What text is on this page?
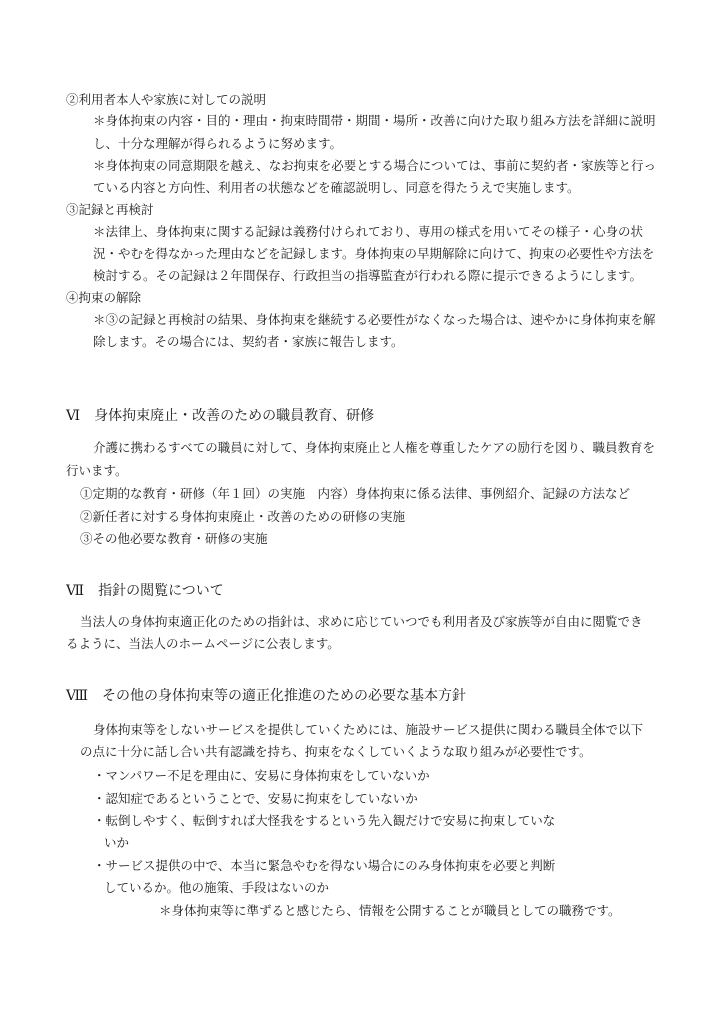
②利用者本人や家族に対しての説明
＊身体拘束の内容・目的・理由・拘束時間帯・期間・場所・改善に向けた取り組み方法を詳細に説明
し、十分な理解が得られるように努めます。
＊身体拘束の同意期限を越え、なお拘束を必要とする場合については、事前に契約者・家族等と行っ
ている内容と方向性、利用者の状態などを確認説明し、同意を得たうえで実施します。
③記録と再検討
＊法律上、身体拘束に関する記録は義務付けられており、専用の様式を用いてその様子・心身の状
況・やむを得なかった理由などを記録します。身体拘束の早期解除に向けて、拘束の必要性や方法を
検討する。その記録は２年間保存、行政担当の指導監査が行われる際に提示できるようにします。
④拘束の解除
＊③の記録と再検討の結果、身体拘束を継続する必要性がなくなった場合は、速やかに身体拘束を解
除します。その場合には、契約者・家族に報告します。
Ⅵ　身体拘束廃止・改善のための職員教育、研修
介護に携わるすべての職員に対して、身体拘束廃止と人権を尊重したケアの励行を図り、職員教育を
行います。
①定期的な教育・研修（年１回）の実施　内容）身体拘束に係る法律、事例紹介、記録の方法など
②新任者に対する身体拘束廃止・改善のための研修の実施
③その他必要な教育・研修の実施
Ⅶ　指針の閲覧について
当法人の身体拘束適正化のための指針は、求めに応じていつでも利用者及び家族等が自由に閲覧でき
るように、当法人のホームページに公表します。
Ⅷ　その他の身体拘束等の適正化推進のための必要な基本方針
身体拘束等をしないサービスを提供していくためには、施設サービス提供に関わる職員全体で以下
の点に十分に話し合い共有認識を持ち、拘束をなくしていくような取り組みが必要性です。
・マンパワー不足を理由に、安易に身体拘束をしていないか
・認知症であるということで、安易に拘束をしていないか
・転倒しやすく、転倒すれば大怪我をするという先入観だけで安易に拘束していな
いか
・サービス提供の中で、本当に緊急やむを得ない場合にのみ身体拘束を必要と判断
しているか。他の施策、手段はないのか
＊身体拘束等に準ずると感じたら、情報を公開することが職員としての職務です。
